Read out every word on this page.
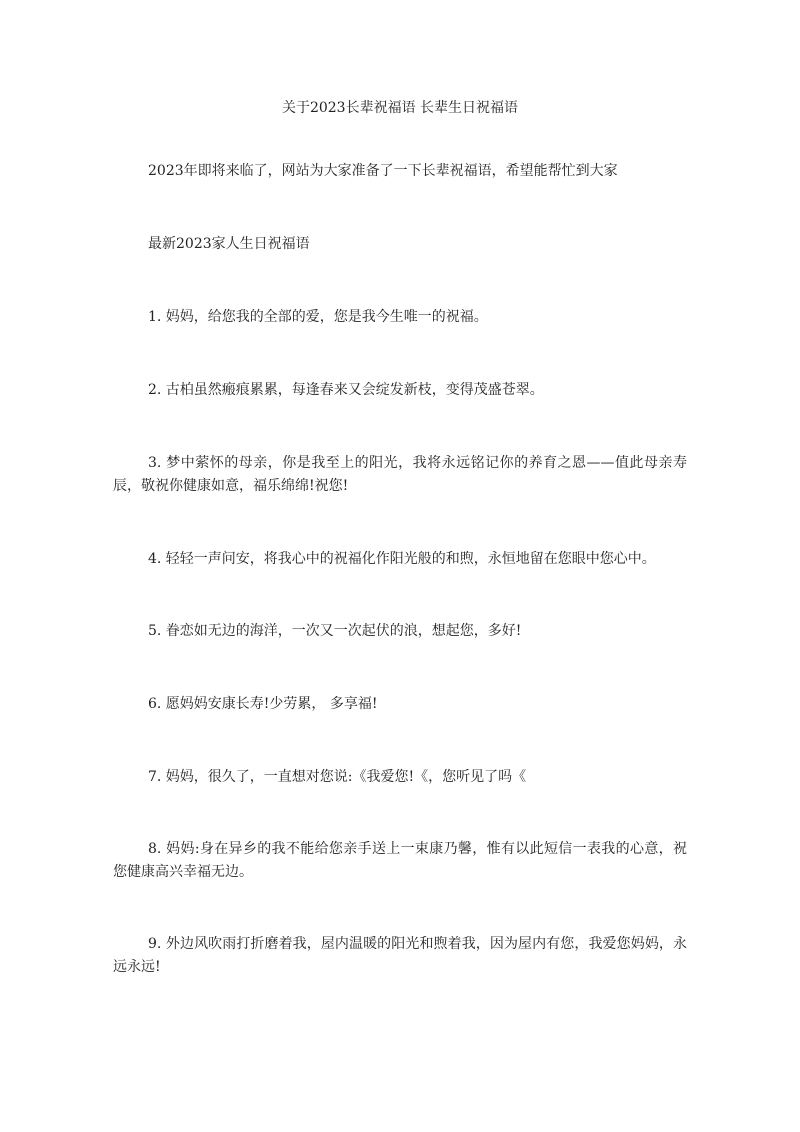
关于2023长辈祝福语 长辈生日祝福语
2023年即将来临了，网站为大家准备了一下长辈祝福语，希望能帮忙到大家
最新2023家人生日祝福语
1. 妈妈，给您我的全部的爱，您是我今生唯一的祝福。
2. 古柏虽然瘢痕累累，每逢春来又会绽发新枝，变得茂盛苍翠。
3. 梦中萦怀的母亲，你是我至上的阳光，我将永远铭记你的养育之恩——值此母亲寿辰，敬祝你健康如意，福乐绵绵!祝您!
4. 轻轻一声问安，将我心中的祝福化作阳光般的和煦，永恒地留在您眼中您心中。
5. 眷恋如无边的海洋，一次又一次起伏的浪，想起您，多好!
6. 愿妈妈安康长寿!少劳累， 多享福!
7. 妈妈，很久了，一直想对您说:《我爱您!《，您听见了吗《
8. 妈妈:身在异乡的我不能给您亲手送上一束康乃馨，惟有以此短信一表我的心意，祝您健康高兴幸福无边。
9. 外边风吹雨打折磨着我，屋内温暖的阳光和煦着我，因为屋内有您，我爱您妈妈，永远永远!
